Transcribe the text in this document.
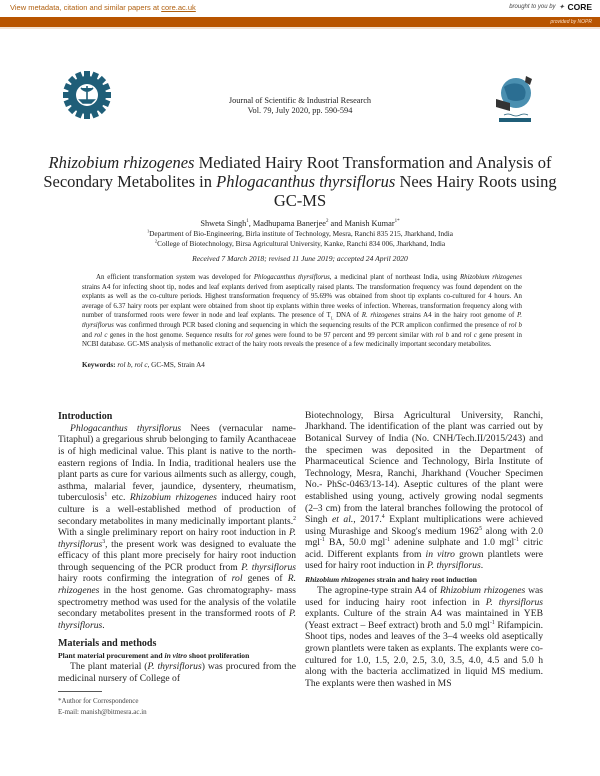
View metadata, citation and similar papers at core.ac.uk	brought to you by ✦ CORE
provided by NOPR
Journal of Scientific & Industrial Research
Vol. 79, July 2020, pp. 590-594
Rhizobium rhizogenes Mediated Hairy Root Transformation and Analysis of Secondary Metabolites in Phlogacanthus thyrsiflorus Nees Hairy Roots using GC-MS
Shweta Singh$^1$, Madhupama Banerjee$^2$ and Manish Kumar$^{1*}$
$^1$Department of Bio-Engineering, Birla institute of Technology, Mesra, Ranchi 835 215, Jharkhand, India
$^2$College of Biotechnology, Birsa Agricultural University, Kanke, Ranchi 834 006, Jharkhand, India
Received 7 March 2018; revised 11 June 2019; accepted 24 April 2020
An efficient transformation system was developed for Phlogacanthus thyrsiflorus, a medicinal plant of northeast India, using Rhizobium rhizogenes strains A4 for infecting shoot tip, nodes and leaf explants derived from aseptically raised plants. The transformation frequency was found dependent on the explants as well as the co-culture periods. Highest transformation frequency of 95.69% was obtained from shoot tip explants co-cultured for 4 hours. An average of 6.37 hairy roots per explant were obtained from shoot tip explants within three weeks of infection. Whereas, transformation frequency along with number of transformed roots were fewer in node and leaf explants. The presence of $T_L$ DNA of R. rhizogenes strains A4 in the hairy root genome of P. thyrsiflorus was confirmed through PCR based cloning and sequencing in which the sequencing results of the PCR amplicon confirmed the presence of rol b and rol c genes in the host genome. Sequence results for rol genes were found to be 97 percent and 99 percent similar with rol b and rol c gene present in NCBI database. GC-MS analysis of methanolic extract of the hairy roots reveals the presence of a few medicinally important secondary metabolites.
Keywords: rol b, rol c, GC-MS, Strain A4
Introduction

Phlogacanthus thyrsiflorus Nees (vernacular name-Titaphul) a gregarious shrub belonging to family Acanthaceae is of high medicinal value. This plant is native to the north-eastern regions of India. In India, traditional healers use the plant parts as cure for various ailments such as allergy, cough, asthma, malarial fever, jaundice, dysentery, rheumatism, tuberculosis$^1$ etc. Rhizobium rhizogenes induced hairy root culture is a well-established method of production of secondary metabolites in many medicinally important plants.$^2$ With a single preliminary report on hairy root induction in P. thyrsiflorus$^3$, the present work was designed to evaluate the efficacy of this plant more precisely for hairy root induction through sequencing of the PCR product from P. thyrsiflorus hairy roots confirming the integration of rol genes of R. rhizogenes in the host genome. Gas chromatography- mass spectrometry method was used for the analysis of the volatile secondary metabolites present in the transformed roots of P. thyrsiflorus.

Materials and methods
Plant material procurement and in vitro shoot proliferation

The plant material (P. thyrsiflorus) was procured from the medicinal nursery of College of

*Author for Correspondence
E-mail: manish@bitmesra.ac.in

Biotechnology, Birsa Agricultural University, Ranchi, Jharkhand. The identification of the plant was carried out by Botanical Survey of India (No. CNH/Tech.II/2015/243) and the specimen was deposited in the Department of Pharmaceutical Science and Technology, Birla Institute of Technology, Mesra, Ranchi, Jharkhand (Voucher Specimen No.- PhSc-0463/13-14). Aseptic cultures of the plant were established using young, actively growing nodal segments (2–3 cm) from the lateral branches following the protocol of Singh et al., 2017.$^4$ Explant multiplications were achieved using Murashige and Skoog's medium 1962$^5$ along with 2.0 mgl$^{-1}$ BA, 50.0 mgl$^{-1}$ adenine sulphate and 1.0 mgl$^{-1}$ citric acid. Different explants from in vitro grown plantlets were used for hairy root induction in P. thyrsiflorus.

Rhizobium rhizogenes strain and hairy root induction

The agropine-type strain A4 of Rhizobium rhizogenes was used for inducing hairy root infection in P. thyrsiflorus explants. Culture of the strain A4 was maintained in YEB (Yeast extract – Beef extract) broth and 5.0 mgl$^{-1}$ Rifampicin. Shoot tips, nodes and leaves of the 3–4 weeks old aseptically grown plantlets were taken as explants. The explants were co-cultured for 1.0, 1.5, 2.0, 2.5, 3.0, 3.5, 4.0, 4.5 and 5.0 h along with the bacteria acclimatized in liquid MS medium. The explants were then washed in MS
